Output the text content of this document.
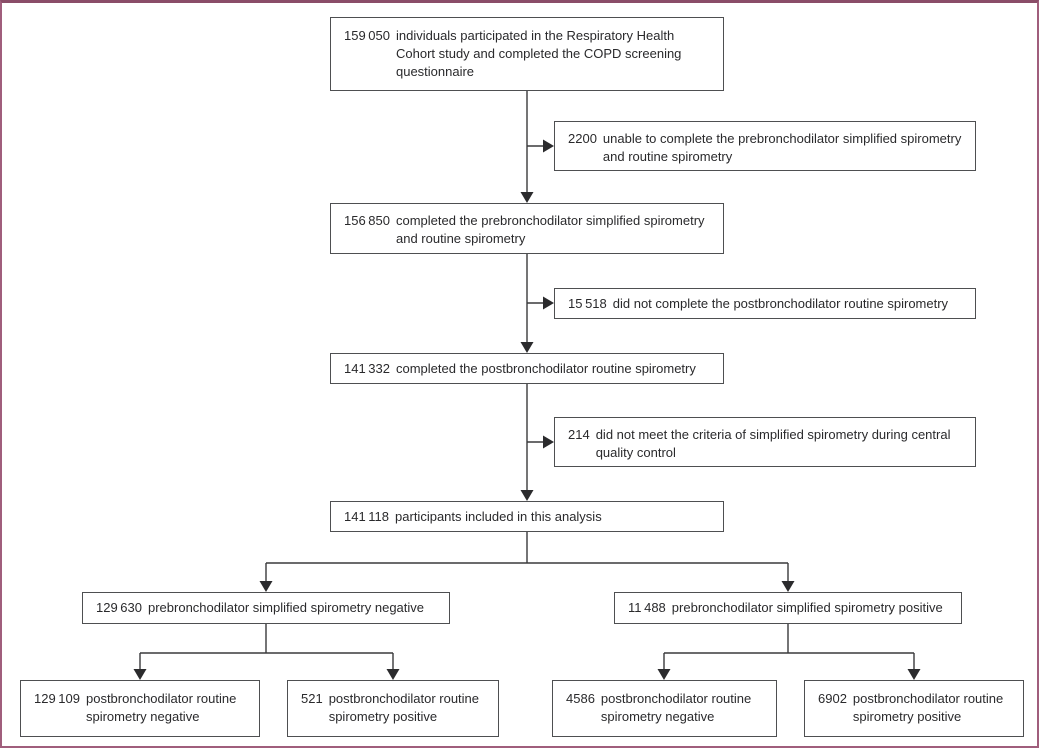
159 050 individuals participated in the Respiratory Health Cohort study and completed the COPD screening questionnaire
2200 unable to complete the prebronchodilator simplified spirometry and routine spirometry
156 850 completed the prebronchodilator simplified spirometry and routine spirometry
15 518 did not complete the postbronchodilator routine spirometry
141 332 completed the postbronchodilator routine spirometry
214 did not meet the criteria of simplified spirometry during central quality control
141 118 participants included in this analysis
129 630 prebronchodilator simplified spirometry negative	11 488 prebronchodilator simplified spirometry positive
129 109 postbronchodilator routine spirometry negative
521 postbronchodilator routine spirometry positive
4586 postbronchodilator routine spirometry negative
6902 postbronchodilator routine spirometry positive
